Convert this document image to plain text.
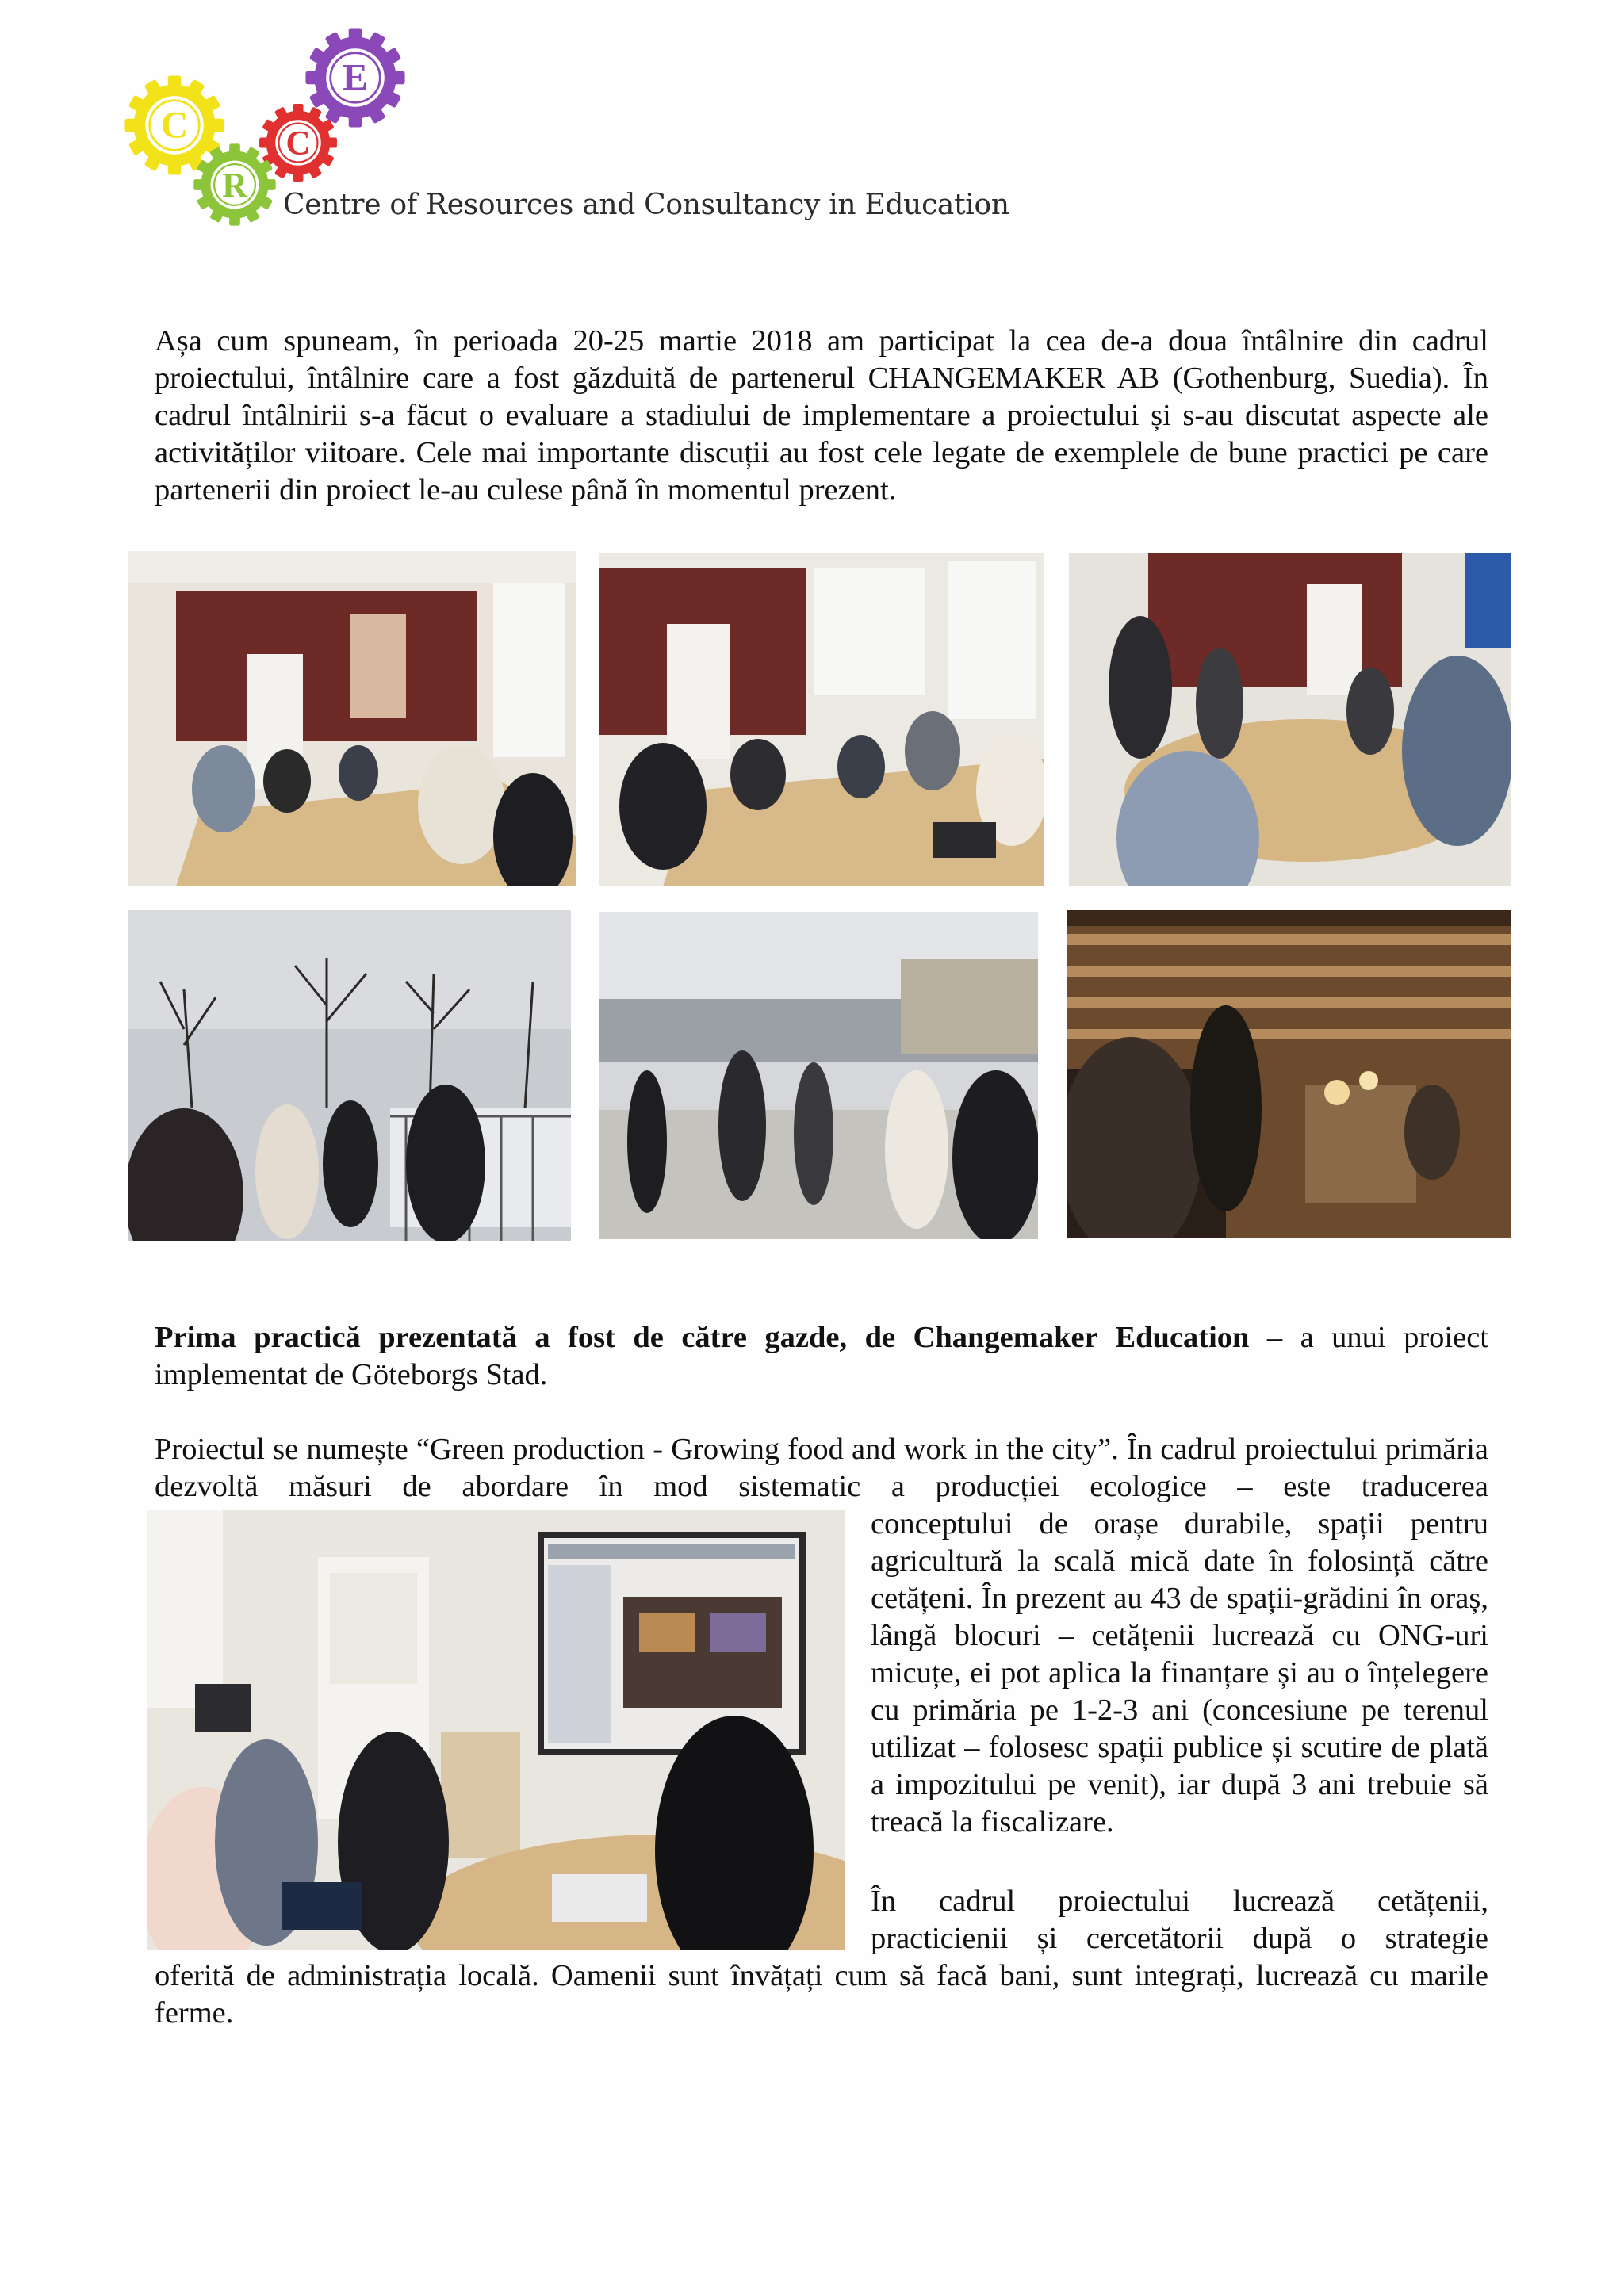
C
E
C
R
Centre of Resources and Consultancy in Education

Așa cum spuneam, în perioada 20-25 martie 2018 am participat la cea de-a doua întâlnire din cadrul proiectului, întâlnire care a fost găzduită de partenerul CHANGEMAKER AB (Gothenburg, Suedia). În cadrul întâlnirii s-a făcut o evaluare a stadiului de implementare a proiectului și s-au discutat aspecte ale activităților viitoare. Cele mai importante discuții au fost cele legate de exemplele de bune practici pe care partenerii din proiect le-au culese până în momentul prezent.

Prima practică prezentată a fost de către gazde, de Changemaker Education – a unui proiect implementat de Göteborgs Stad.

Proiectul se numește “Green production - Growing food and work in the city”. În cadrul proiectului primăria dezvoltă măsuri de abordare în mod sistematic a producției ecologice – este traducerea

conceptului de orașe durabile, spații pentru agricultură la scală mică date în folosință către cetățeni. În prezent au 43 de spații-grădini în oraș, lângă blocuri – cetățenii lucrează cu ONG-uri micuțe, ei pot aplica la finanțare și au o înțelegere cu primăria pe 1-2-3 ani (concesiune pe terenul utilizat – folosesc spații publice și scutire de plată a impozitului pe venit), iar după 3 ani trebuie să treacă la fiscalizare.

În cadrul proiectului lucrează cetățenii, practicienii și cercetătorii după o strategie

oferită de administrația locală. Oamenii sunt învățați cum să facă bani, sunt integrați, lucrează cu marile ferme.
